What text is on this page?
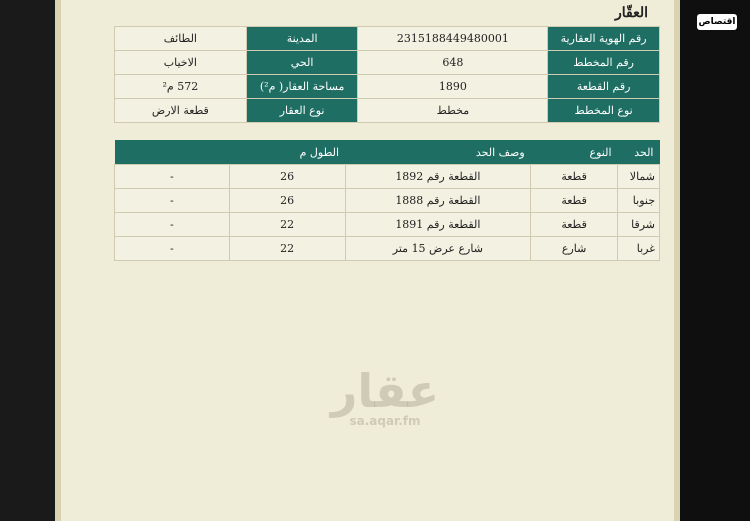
العقّار
رقم الهوية العقارية	2315188449480001	المدينة	الطائف
رقم المخطط	648	الحي	الاخياب
رقم القطعة	1890	مساحة العقار( م²)	572 م²
نوع المخطط	مخطط	نوع العقار	قطعة الارض
الحد	النوع	وصف الحد	الطول م	
شمالا	قطعة	القطعة رقم 1892	26	-
جنوبا	قطعة	القطعة رقم 1888	26	-
شرقا	قطعة	القطعة رقم 1891	22	-
غربا	شارع	شارع عرض 15 متر	22	-
عقار
sa.aqar.fm
اقتصاص
